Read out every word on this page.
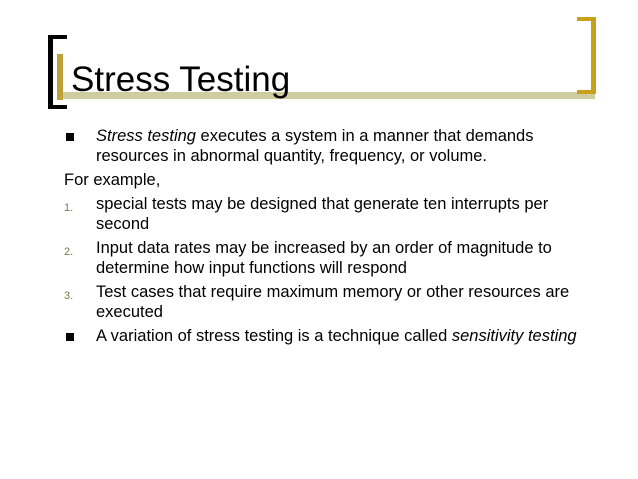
Stress Testing
Stress testing executes a system in a manner that demands resources in abnormal quantity, frequency, or volume.
For example,
1. special tests may be designed that generate ten interrupts per second
2. Input data rates may be increased by an order of magnitude to determine how input functions will respond
3. Test cases that require maximum memory or other resources are executed
A variation of stress testing is a technique called sensitivity testing
